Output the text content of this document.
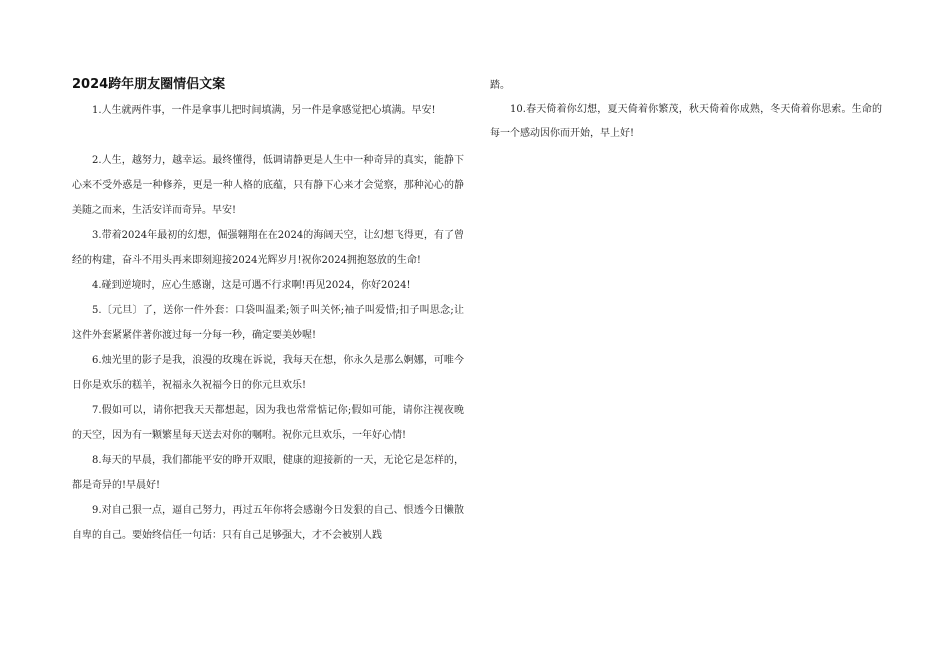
2024跨年朋友圈情侣文案

1.人生就两件事，一件是拿事儿把时间填满，另一件是拿感觉把心填满。早安!

2.人生，越努力，越幸运。最终懂得，低调请静更是人生中一种奇异的真实，能静下心来不受外惑是一种修养，更是一种人格的底蕴，只有静下心来才会觉察，那种沁心的静美随之而来，生活安详而奇异。早安!

3.带着2024年最初的幻想，倔强翱翔在在2024的海阔天空，让幻想飞得更，有了曾经的构建，奋斗不用头再来即刻迎接2024光辉岁月!祝你2024拥抱怒放的生命!

4.碰到逆境时，应心生感谢，这是可遇不行求啊!再见2024，你好2024!

5.〔元旦〕了，送你一件外套：口袋叫温柔;领子叫关怀;袖子叫爱惜;扣子叫思念;让这件外套紧紧伴著你渡过每一分每一秒，确定要美妙喔!

6.烛光里的影子是我，浪漫的玫瑰在诉说，我每天在想，你永久是那么婀娜，可唯今日你是欢乐的糕羊，祝福永久祝福今日的你元旦欢乐!

7.假如可以，请你把我天天都想起，因为我也常常惦记你;假如可能，请你注视夜晚的天空，因为有一颗繁星每天送去对你的嘱咐。祝你元旦欢乐，一年好心情!

8.每天的早晨，我们都能平安的睁开双眼，健康的迎接新的一天，无论它是怎样的，都是奇异的!早晨好!

9.对自己狠一点，逼自己努力，再过五年你将会感谢今日发狠的自己、恨透今日懒散自卑的自己。要始终信任一句话：只有自己足够强大，才不会被别人践

踏。

10.春天倚着你幻想，夏天倚着你繁茂，秋天倚着你成熟，冬天倚着你思索。生命的每一个感动因你而开始，早上好!
